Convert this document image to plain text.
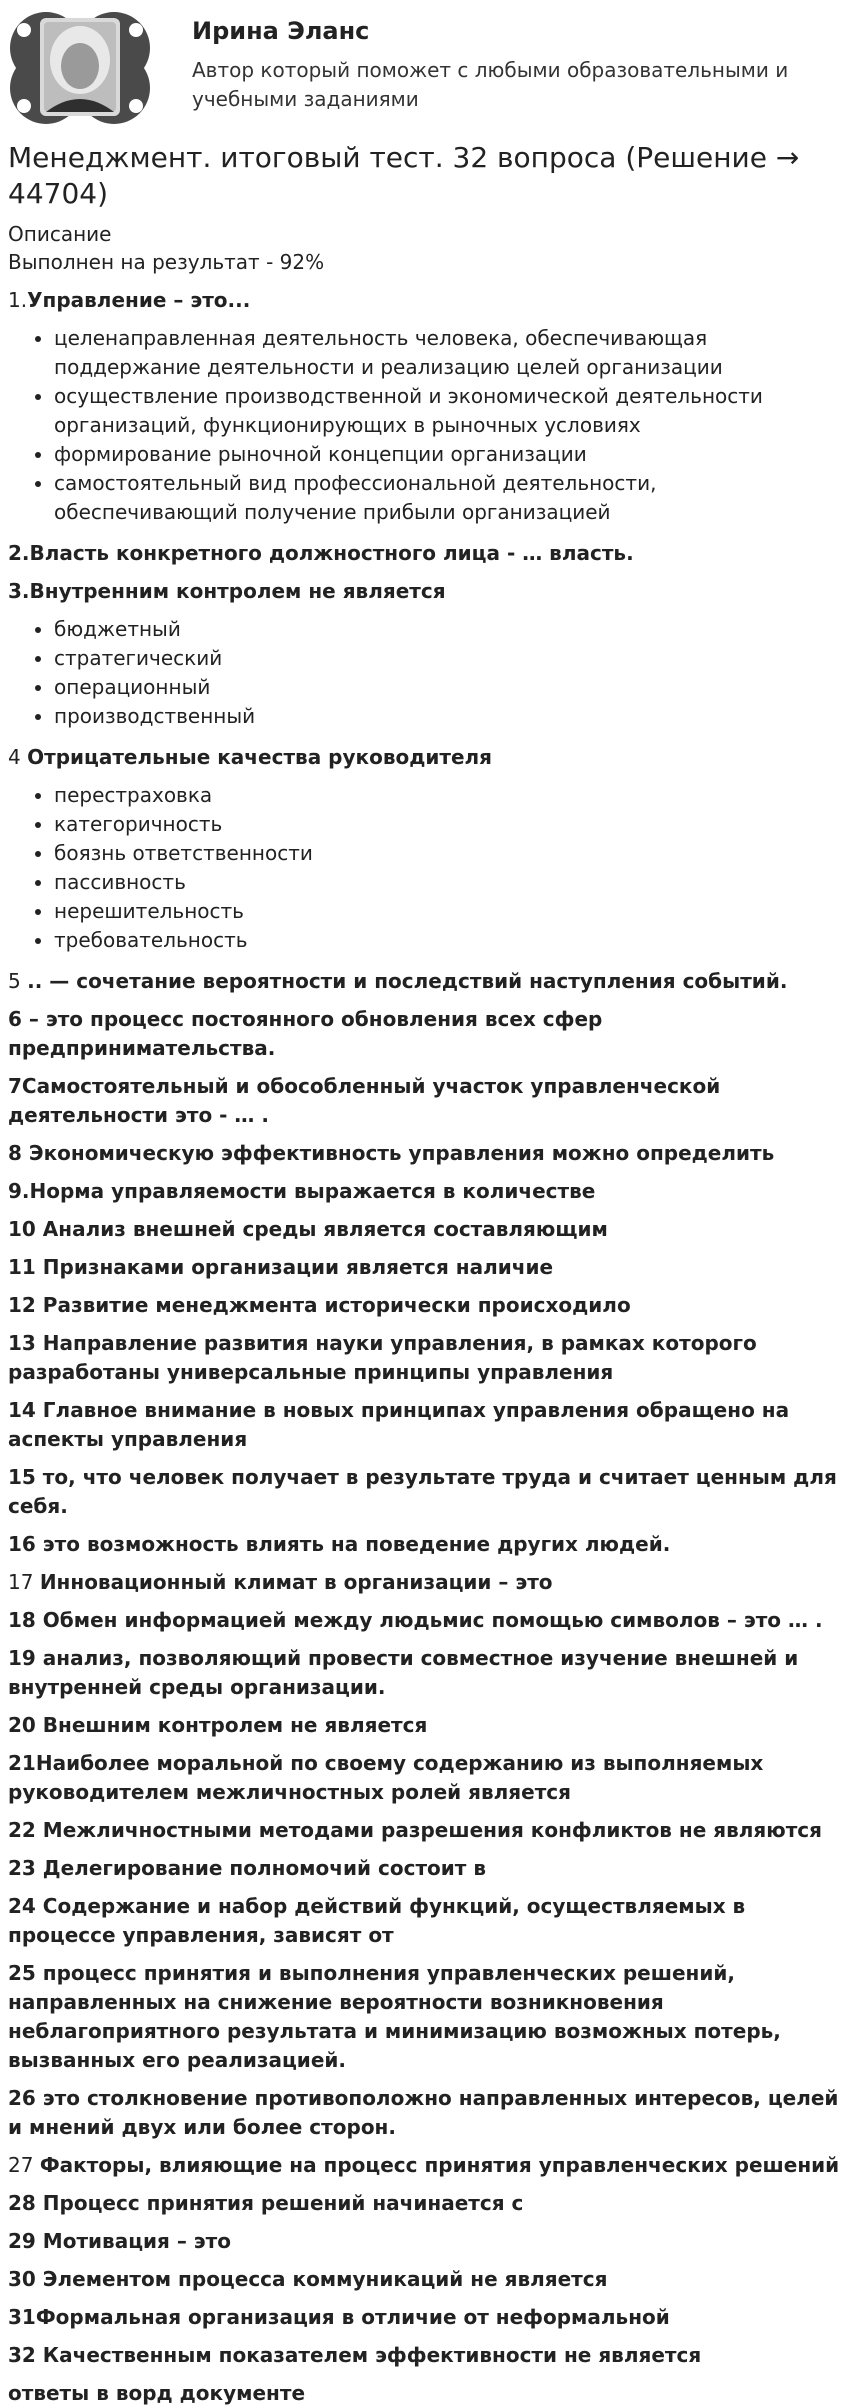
Ирина Эланс
Автор который поможет с любыми образовательными и учебными заданиями
Менеджмент. итоговый тест. 32 вопроса (Решение → 44704)

Описание

Выполнен на результат - 92%

1.Управление – это...
• целенаправленная деятельность человека, обеспечивающая поддержание деятельности и реализацию целей организации
• осуществление производственной и экономической деятельности организаций, функционирующих в рыночных условиях
• формирование рыночной концепции организации
• самостоятельный вид профессиональной деятельности, обеспечивающий получение прибыли организацией
2.Власть конкретного должностного лица - … власть.
3.Внутренним контролем не является
• бюджетный
• стратегический
• операционный
• производственный
4 Отрицательные качества руководителя
• перестраховка
• категоричность
• боязнь ответственности
• пассивность
• нерешительность
• требовательность
5 .. — сочетание вероятности и последствий наступления событий.
6 – это процесс постоянного обновления всех сфер предпринимательства.
7Самостоятельный и обособленный участок управленческой деятельности это - … .
8 Экономическую эффективность управления можно определить
9.Норма управляемости выражается в количестве
10 Анализ внешней среды является составляющим
11 Признаками организации является наличие
12 Развитие менеджмента исторически происходило
13 Направление развития науки управления, в рамках которого разработаны универсальные принципы управления
14 Главное внимание в новых принципах управления обращено на аспекты управления
15 то, что человек получает в результате труда и считает ценным для себя.
16 это возможность влиять на поведение других людей.
17 Инновационный климат в организации – это
18 Обмен информацией между людьмис помощью символов – это … .
19 анализ, позволяющий провести совместное изучение внешней и внутренней среды организации.
20 Внешним контролем не является
21Наиболее моральной по своему содержанию из выполняемых руководителем межличностных ролей является
22 Межличностными методами разрешения конфликтов не являются
23 Делегирование полномочий состоит в
24 Содержание и набор действий функций, осуществляемых в процессе управления, зависят от
25 процесс принятия и выполнения управленческих решений, направленных на снижение вероятности возникновения неблагоприятного результата и минимизацию возможных потерь, вызванных его реализацией.
26 это столкновение противоположно направленных интересов, целей и мнений двух или более сторон.
27 Факторы, влияющие на процесс принятия управленческих решений
28 Процесс принятия решений начинается с
29 Мотивация – это
30 Элементом процесса коммуникаций не является
31Формальная организация в отличие от неформальной
32 Качественным показателем эффективности не является
ответы в ворд документе
